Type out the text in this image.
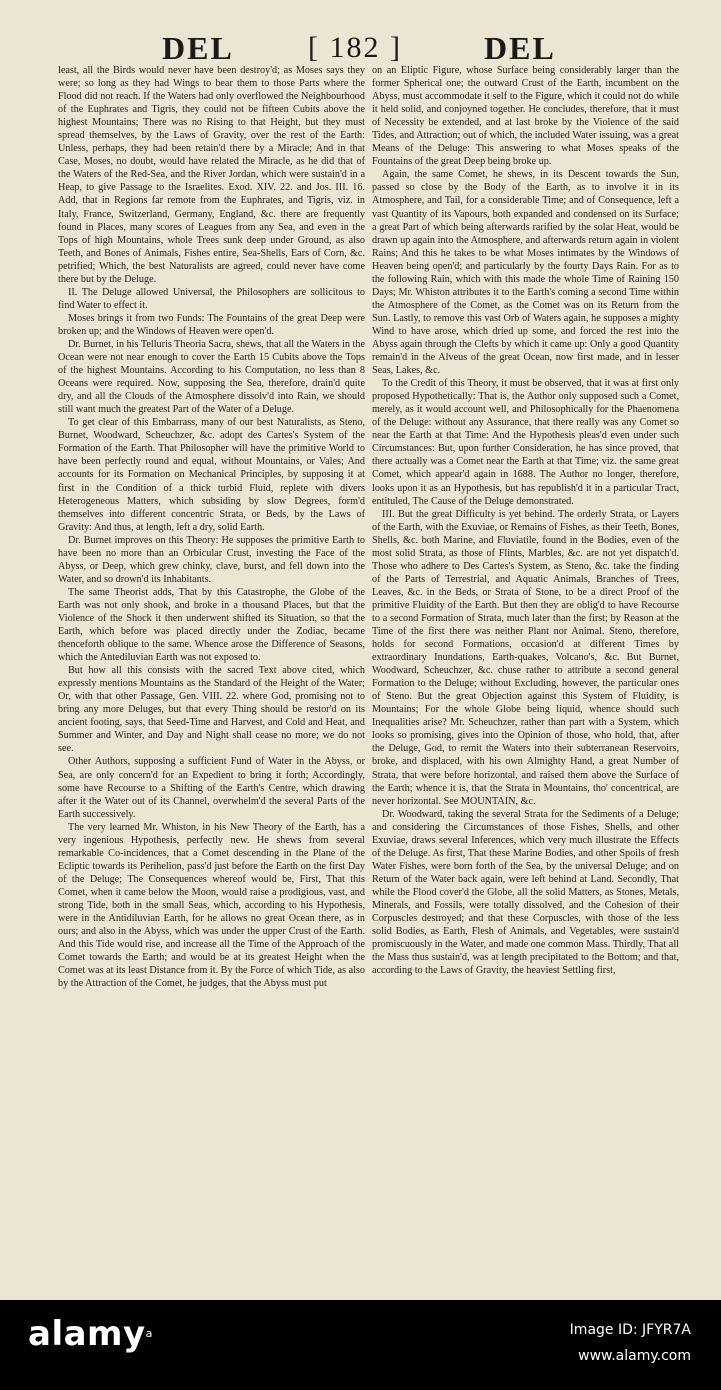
DEL [ 182 ]	DEL

least, all the Birds would never have been destroy'd; as Moses says they were; so long as they had Wings to bear them to those Parts where the Flood did not reach. If the Waters had only overflowed the Neighbourhood of the Euphrates and Tigris, they could not be fifteen Cubits above the highest Mountains; There was no Rising to that Height, but they must spread themselves, by the Laws of Gravity, over the rest of the Earth: Unless, perhaps, they had been retain'd there by a Miracle; And in that Case, Moses, no doubt, would have related the Miracle, as he did that of the Waters of the Red-Sea, and the River Jordan, which were sustain'd in a Heap, to give Passage to the Israelites. Exod. XIV. 22. and Jos. III. 16. Add, that in Regions far remote from the Euphrates, and Tigris, viz. in Italy, France, Switzerland, Germany, England, &c. there are frequently found in Places, many scores of Leagues from any Sea, and even in the Tops of high Mountains, whole Trees sunk deep under Ground, as also Teeth, and Bones of Animals, Fishes entire, Sea-Shells, Ears of Corn, &c. petrified; Which, the best Naturalists are agreed, could never have come there but by the Deluge.

II. The Deluge allowed Universal, the Philosophers are sollicitous to find Water to effect it.

Moses brings it from two Funds: The Fountains of the great Deep were broken up; and the Windows of Heaven were open'd.

Dr. Burnet, in his Telluris Theoria Sacra, shews, that all the Waters in the Ocean were not near enough to cover the Earth 15 Cubits above the Tops of the highest Mountains. According to his Computation, no less than 8 Oceans were required. Now, supposing the Sea, therefore, drain'd quite dry, and all the Clouds of the Atmosphere dissolv'd into Rain, we should still want much the greatest Part of the Water of a Deluge.

To get clear of this Embarrass, many of our best Naturalists, as Steno, Burnet, Woodward, Scheuchzer, &c. adopt des Cartes's System of the Formation of the Earth. That Philosopher will have the primitive World to have been perfectly round and equal, without Mountains, or Vales; And accounts for its Formation on Mechanical Principles, by supposing it at first in the Condition of a thick turbid Fluid, replete with divers Heterogeneous Matters, which subsiding by slow Degrees, form'd themselves into different concentric Strata, or Beds, by the Laws of Gravity: And thus, at length, left a dry, solid Earth.

Dr. Burnet improves on this Theory: He supposes the primitive Earth to have been no more than an Orbicular Crust, investing the Face of the Abyss, or Deep, which grew chinky, clave, burst, and fell down into the Water, and so drown'd its Inhabitants.

The same Theorist adds, That by this Catastrophe, the Globe of the Earth was not only shook, and broke in a thousand Places, but that the Violence of the Shock it then underwent shifted its Situation, so that the Earth, which before was placed directly under the Zodiac, became thenceforth oblique to the same. Whence arose the Difference of Seasons, which the Antediluvian Earth was not exposed to.

But how all this consists with the sacred Text above cited, which expressly mentions Mountains as the Standard of the Height of the Water; Or, with that other Passage, Gen. VIII. 22. where God, promising not to bring any more Deluges, but that every Thing should be restor'd on its ancient footing, says, that Seed-Time and Harvest, and Cold and Heat, and Summer and Winter, and Day and Night shall cease no more; we do not see.

Other Authors, supposing a sufficient Fund of Water in the Abyss, or Sea, are only concern'd for an Expedient to bring it forth; Accordingly, some have Recourse to a Shifting of the Earth's Centre, which drawing after it the Water out of its Channel, overwhelm'd the several Parts of the Earth successively.

The very learned Mr. Whiston, in his New Theory of the Earth, has a very ingenious Hypothesis, perfectly new. He shews from several remarkable Co-incidences, that a Comet descending in the Plane of the Ecliptic towards its Perihelion, pass'd just before the Earth on the first Day of the Deluge; The Consequences whereof would be, First, That this Comet, when it came below the Moon, would raise a prodigious, vast, and strong Tide, both in the small Seas, which, according to his Hypothesis, were in the Antidiluvian Earth, for he allows no great Ocean there, as in ours; and also in the Abyss, which was under the upper Crust of the Earth. And this Tide would rise, and increase all the Time of the Approach of the Comet towards the Earth; and would be at its greatest Height when the Comet was at its least Distance from it. By the Force of which Tide, as also by the Attraction of the Comet, he judges, that the Abyss must put

on an Eliptic Figure, whose Surface being considerably larger than the former Spherical one; the outward Crust of the Earth, incumbent on the Abyss, must accommodate it self to the Figure, which it could not do while it held solid, and conjoyned together. He concludes, therefore, that it must of Necessity be extended, and at last broke by the Violence of the said Tides, and Attraction; out of which, the included Water issuing, was a great Means of the Deluge: This answering to what Moses speaks of the Fountains of the great Deep being broke up.

Again, the same Comet, he shews, in its Descent towards the Sun, passed so close by the Body of the Earth, as to involve it in its Atmosphere, and Tail, for a considerable Time; and of Consequence, left a vast Quantity of its Vapours, both expanded and condensed on its Surface; a great Part of which being afterwards rarified by the solar Heat, would be drawn up again into the Atmosphere, and afterwards return again in violent Rains; And this he takes to be what Moses intimates by the Windows of Heaven being open'd; and particularly by the fourty Days Rain. For as to the following Rain, which with this made the whole Time of Raining 150 Days; Mr. Whiston attributes it to the Earth's coming a second Time within the Atmosphere of the Comet, as the Comet was on its Return from the Sun. Lastly, to remove this vast Orb of Waters again, he supposes a mighty Wind to have arose, which dried up some, and forced the rest into the Abyss again through the Clefts by which it came up: Only a good Quantity remain'd in the Alveus of the great Ocean, now first made, and in lesser Seas, Lakes, &c.

To the Credit of this Theory, it must be observed, that it was at first only proposed Hypothetically: That is, the Author only supposed such a Comet, merely, as it would account well, and Philosophically for the Phaenomena of the Deluge: without any Assurance, that there really was any Comet so near the Earth at that Time: And the Hypothesis pleas'd even under such Circumstances: But, upon further Consideration, he has since proved, that there actually was a Comet near the Earth at that Time; viz. the same great Comet, which appear'd again in 1688. The Author no longer, therefore, looks upon it as an Hypothesis, but has republish'd it in a particular Tract, entituled, The Cause of the Deluge demonstrated.

III. But the great Difficulty is yet behind. The orderly Strata, or Layers of the Earth, with the Exuviae, or Remains of Fishes, as their Teeth, Bones, Shells, &c. both Marine, and Fluviatile, found in the Bodies, even of the most solid Strata, as those of Flints, Marbles, &c. are not yet dispatch'd. Those who adhere to Des Cartes's System, as Steno, &c. take the finding of the Parts of Terrestrial, and Aquatic Animals, Branches of Trees, Leaves, &c. in the Beds, or Strata of Stone, to be a direct Proof of the primitive Fluidity of the Earth. But then they are oblig'd to have Recourse to a second Formation of Strata, much later than the first; by Reason at the Time of the first there was neither Plant nor Animal. Steno, therefore, holds for second Formations, occasion'd at different Times by extraordinary Inundations, Earth-quakes, Volcano's, &c. But Burnet, Woodward, Scheuchzer, &c. chuse rather to attribute a second general Formation to the Deluge; without Excluding, however, the particular ones of Steno. But the great Objection against this System of Fluidity, is Mountains; For the whole Globe being liquid, whence should such Inequalities arise? Mr. Scheuchzer, rather than part with a System, which looks so promising, gives into the Opinion of those, who hold, that, after the Deluge, God, to remit the Waters into their subterranean Reservoirs, broke, and displaced, with his own Almighty Hand, a great Number of Strata, that were before horizontal, and raised them above the Surface of the Earth; whence it is, that the Strata in Mountains, tho' concentrical, are never horizontal. See MOUNTAIN, &c.

Dr. Woodward, taking the several Strata for the Sediments of a Deluge; and considering the Circumstances of those Fishes, Shells, and other Exuviae, draws several Inferences, which very much illustrate the Effects of the Deluge. As first, That these Marine Bodies, and other Spoils of fresh Water Fishes, were born forth of the Sea, by the universal Deluge; and on Return of the Water back again, were left behind at Land. Secondly, That while the Flood cover'd the Globe, all the solid Matters, as Stones, Metals, Minerals, and Fossils, were totally dissolved, and the Cohesion of their Corpuscles destroyed; and that these Corpuscles, with those of the less solid Bodies, as Earth, Flesh of Animals, and Vegetables, were sustain'd promiscuously in the Water, and made one common Mass. Thirdly, That all the Mass thus sustain'd, was at length precipitated to the Bottom; and that, according to the Laws of Gravity, the heaviest Settling first,

alamy$^a$	Image ID: JFYR7A
www.alamy.com
